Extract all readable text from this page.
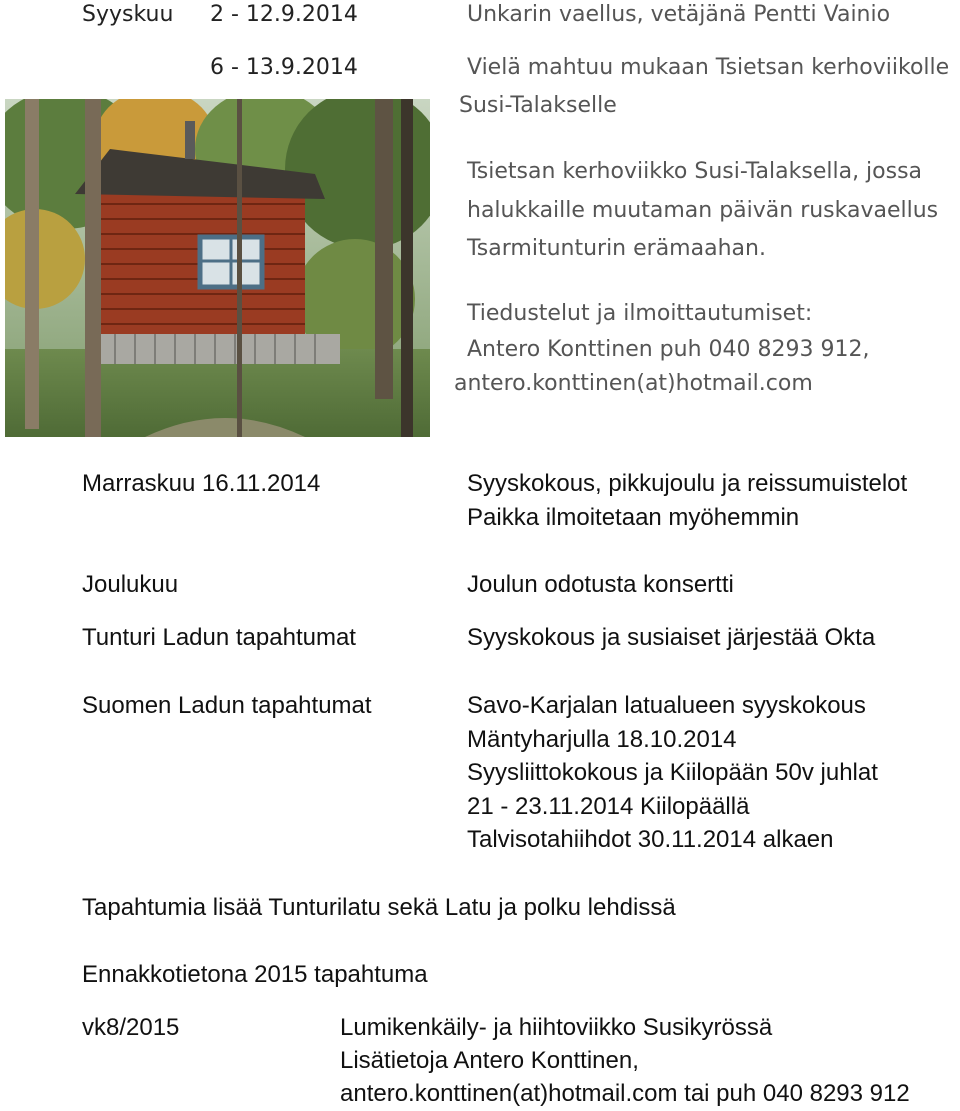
Syyskuu 2 - 12.9.2014	Unkarin vaellus, vetäjänä Pentti Vainio
6 - 13.9.2014	Vielä mahtuu mukaan Tsietsan kerhoviikolle
Susi-Talakselle
Tsietsan kerhoviikko Susi-Talaksella, jossa
halukkaille muutaman päivän ruskavaellus
Tsarmitunturin erämaahan.
Tiedustelut ja ilmoittautumiset:
Antero Konttinen puh 040 8293 912,
antero.konttinen(at)hotmail.com
Marraskuu 16.11.2014	Syyskokous, pikkujoulu ja reissumuistelot
Paikka ilmoitetaan myöhemmin
Joulukuu	Joulun odotusta konsertti
Tunturi Ladun tapahtumat	Syyskokous ja susiaiset järjestää Okta
Suomen Ladun tapahtumat	Savo-Karjalan latualueen syyskokous
Mäntyharjulla 18.10.2014
Syysliittokokous ja Kiilopään 50v juhlat
21 - 23.11.2014 Kiilopäällä
Talvisotahiihdot 30.11.2014 alkaen
Tapahtumia lisää Tunturilatu sekä Latu ja polku lehdissä
Ennakkotietona 2015 tapahtuma
vk8/2015	Lumikenkäily- ja hiihtoviikko Susikyrössä
Lisätietoja Antero Konttinen,
antero.konttinen(at)hotmail.com tai puh 040 8293 912
